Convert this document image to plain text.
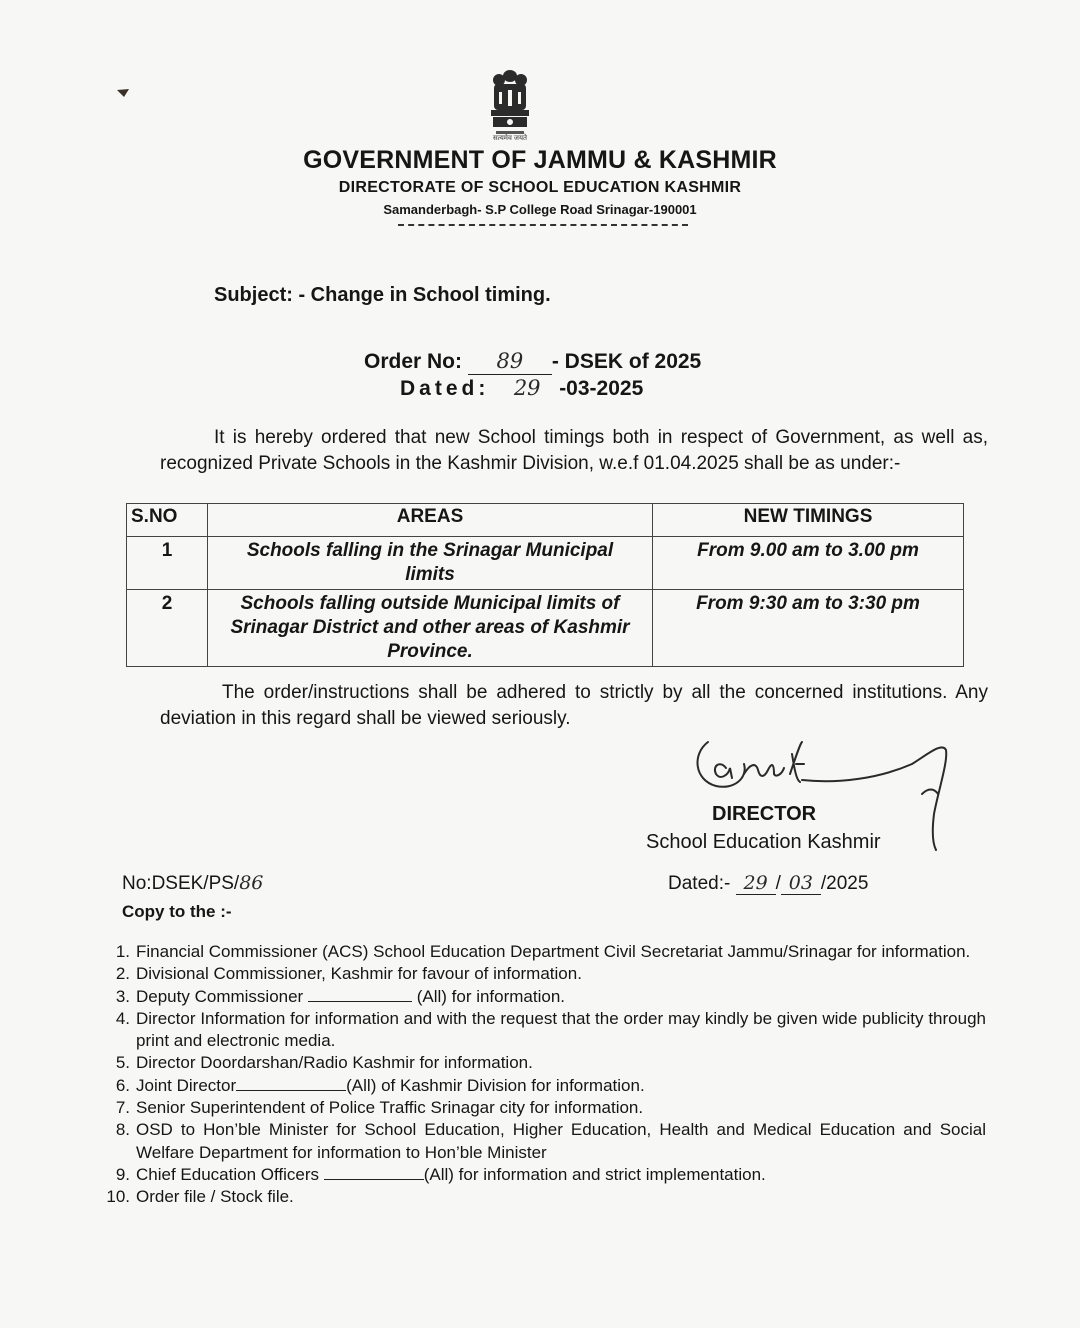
सत्यमेव जयते
GOVERNMENT OF JAMMU & KASHMIR
DIRECTORATE OF SCHOOL EDUCATION KASHMIR
Samanderbagh- S.P College Road Srinagar-190001
Subject: - Change in School timing.
Order No: 89 - DSEK of 2025
Dated: 29 -03-2025
It is hereby ordered that new School timings both in respect of Government, as well as, recognized Private Schools in the Kashmir Division, w.e.f 01.04.2025 shall be as under:-
S.NO	AREAS	NEW TIMINGS
1	Schools falling in the Srinagar Municipal limits	From 9.00 am to 3.00 pm
2	Schools falling outside Municipal limits of Srinagar District and other areas of Kashmir Province.	From 9:30 am to 3:30 pm
The order/instructions shall be adhered to strictly by all the concerned institutions. Any deviation in this regard shall be viewed seriously.
DIRECTOR
School Education Kashmir
No:DSEK/PS/86	Dated:- 29 / 03 /2025
Copy to the :-
1. Financial Commissioner (ACS) School Education Department Civil Secretariat Jammu/Srinagar for information.
2. Divisional Commissioner, Kashmir for favour of information.
3. Deputy Commissioner	(All) for information.
4. Director Information for information and with the request that the order may kindly be given wide publicity through print and electronic media.
5. Director Doordarshan/Radio Kashmir for information.
6. Joint Director	(All) of Kashmir Division for information.
7. Senior Superintendent of Police Traffic Srinagar city for information.
8. OSD to Hon’ble Minister for School Education, Higher Education, Health and Medical Education and Social Welfare Department for information to Hon’ble Minister
9. Chief Education Officers	(All) for information and strict implementation.
10. Order file / Stock file.
